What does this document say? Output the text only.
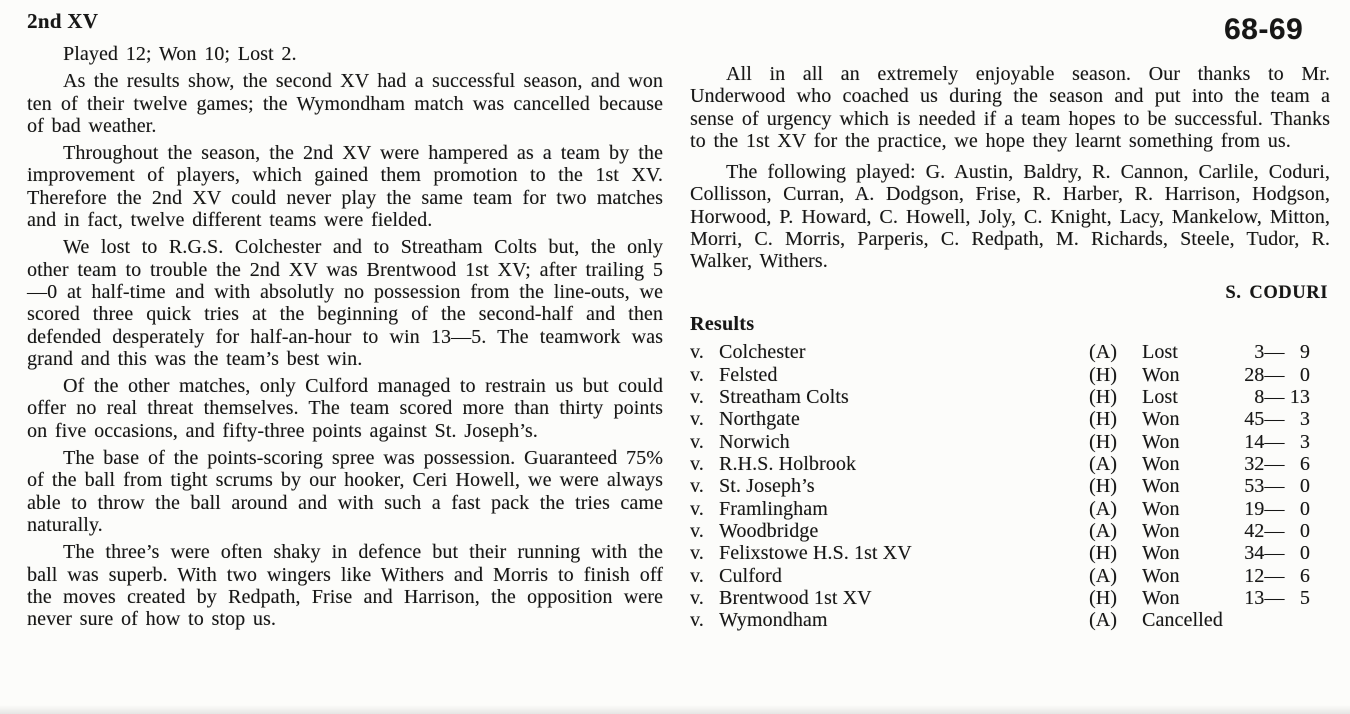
2nd XV	68-69

Played 12; Won 10; Lost 2.

As the results show, the second XV had a successful season, and won ten of their twelve games; the Wymondham match was cancelled because of bad weather.

Throughout the season, the 2nd XV were hampered as a team by the improvement of players, which gained them promotion to the 1st XV. Therefore the 2nd XV could never play the same team for two matches and in fact, twelve different teams were fielded.

We lost to R.G.S. Colchester and to Streatham Colts but, the only other team to trouble the 2nd XV was Brentwood 1st XV; after trailing 5—0 at half-time and with absolutly no possession from the line-outs, we scored three quick tries at the beginning of the second-half and then defended desperately for half-an-hour to win 13—5. The teamwork was grand and this was the team’s best win.

Of the other matches, only Culford managed to restrain us but could offer no real threat themselves. The team scored more than thirty points on five occasions, and fifty-three points against St. Joseph’s.

The base of the points-scoring spree was possession. Guaranteed 75% of the ball from tight scrums by our hooker, Ceri Howell, we were always able to throw the ball around and with such a fast pack the tries came naturally.

The three’s were often shaky in defence but their running with the ball was superb. With two wingers like Withers and Morris to finish off the moves created by Redpath, Frise and Harrison, the opposition were never sure of how to stop us.

All in all an extremely enjoyable season. Our thanks to Mr. Underwood who coached us during the season and put into the team a sense of urgency which is needed if a team hopes to be successful. Thanks to the 1st XV for the practice, we hope they learnt something from us.

The following played: G. Austin, Baldry, R. Cannon, Carlile, Coduri, Collisson, Curran, A. Dodgson, Frise, R. Harber, R. Harrison, Hodgson, Horwood, P. Howard, C. Howell, Joly, C. Knight, Lacy, Mankelow, Mitton, Morri, C. Morris, Parperis, C. Redpath, M. Richards, Steele, Tudor, R. Walker, Withers.

S. CODURI
Results
v. Colchester	(A)	Lost	3 — 9
v. Felsted	(H)	Won	28 — 0
v. Streatham Colts	(H)	Lost	8 — 13
v. Northgate	(H)	Won	45 — 3
v. Norwich	(H)	Won	14 — 3
v. R.H.S. Holbrook	(A)	Won	32 — 6
v. St. Joseph’s	(H)	Won	53 — 0
v. Framlingham	(A)	Won	19 — 0
v. Woodbridge	(A)	Won	42 — 0
v. Felixstowe H.S. 1st XV	(H)	Won	34 — 0
v. Culford	(A)	Won	12 — 6
v. Brentwood 1st XV	(H)	Won	13 — 5
v. Wymondham	(A)	Cancelled
